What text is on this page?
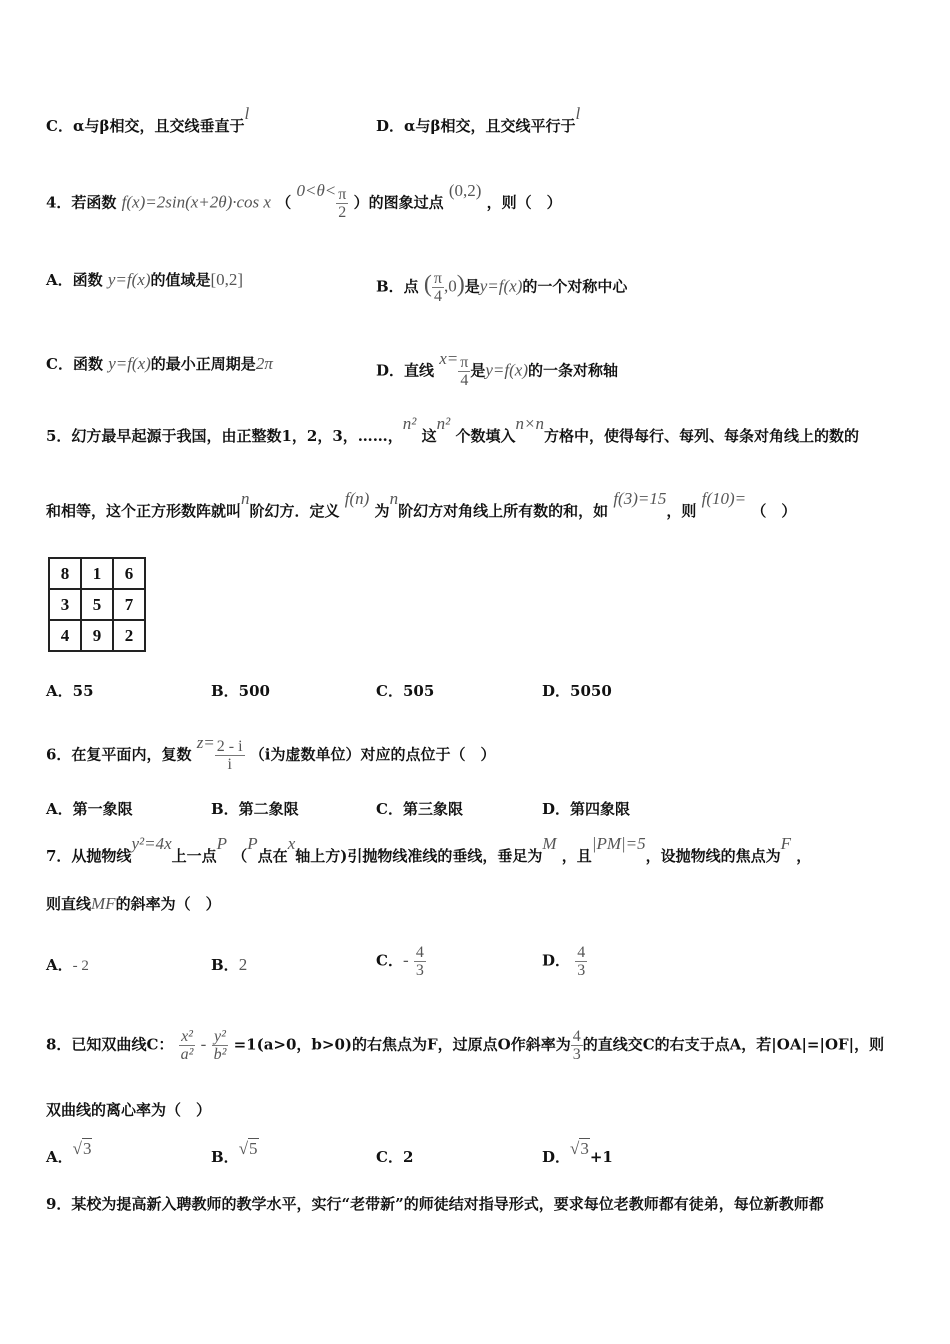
C．α与β相交，且交线垂直于l
D．α与β相交，且交线平行于l
4．若函数 f(x)=2sin(x+2θ)·cos x （ $0<\theta< \frac{\pi}{2}$ ）的图象过点 (0,2) ，则（　）
A．函数 y=f(x)的值域是[0,2]	B．点 ( $\frac{\pi}{4} ,0$)是y=f(x)的一个对称中心
C．函数 y=f(x)的最小正周期是2π	D．直线 $x= \frac{\pi}{4}$ 是y=f(x)的一条对称轴
5．幻方最早起源于我国，由正整数1，2，3，……，n² 这n² 个数填入n×n方格中，使得每行、每列、每条对角线上的数的
和相等，这个正方形数阵就叫n阶幻方．定义 f(n) 为n阶幻方对角线上所有数的和，如 f(3)=15，则 f(10)= （　）
8	1	6
3	5	7
4	9	2
A．55	B．500	C．505	D．5050
6．在复平面内，复数 $z= \frac{2 - i}{i} (i$为虚数单位）对应的点位于（　）
A．第一象限	B．第二象限	C．第三象限	D．第四象限
7．从抛物线y²=4x上一点P （P点在x轴上方)引抛物线准线的垂线，垂足为M ，且|PM|=5，设抛物线的焦点为F ，
则直线MF的斜率为（　）
A．- 2	B．2	C．- $\frac{4}{3}$	D． $\frac{4}{3}$
8．已知双曲线C： $\frac{\text{x²}}{\text{a²}} - \frac{\text{y²}}{\text{b²}} =1(a>0$，b>0)的右焦点为F，过原点O作斜率为 $\frac{4}{3}$ 的直线交C的右支于点A，若|OA|=|OF|，则
双曲线的离心率为（　）
A．√3	B．√5	C．2	D．√3+1
9．某校为提高新入聘教师的教学水平，实行“老带新”的师徒结对指导形式，要求每位老教师都有徒弟，每位新教师都
